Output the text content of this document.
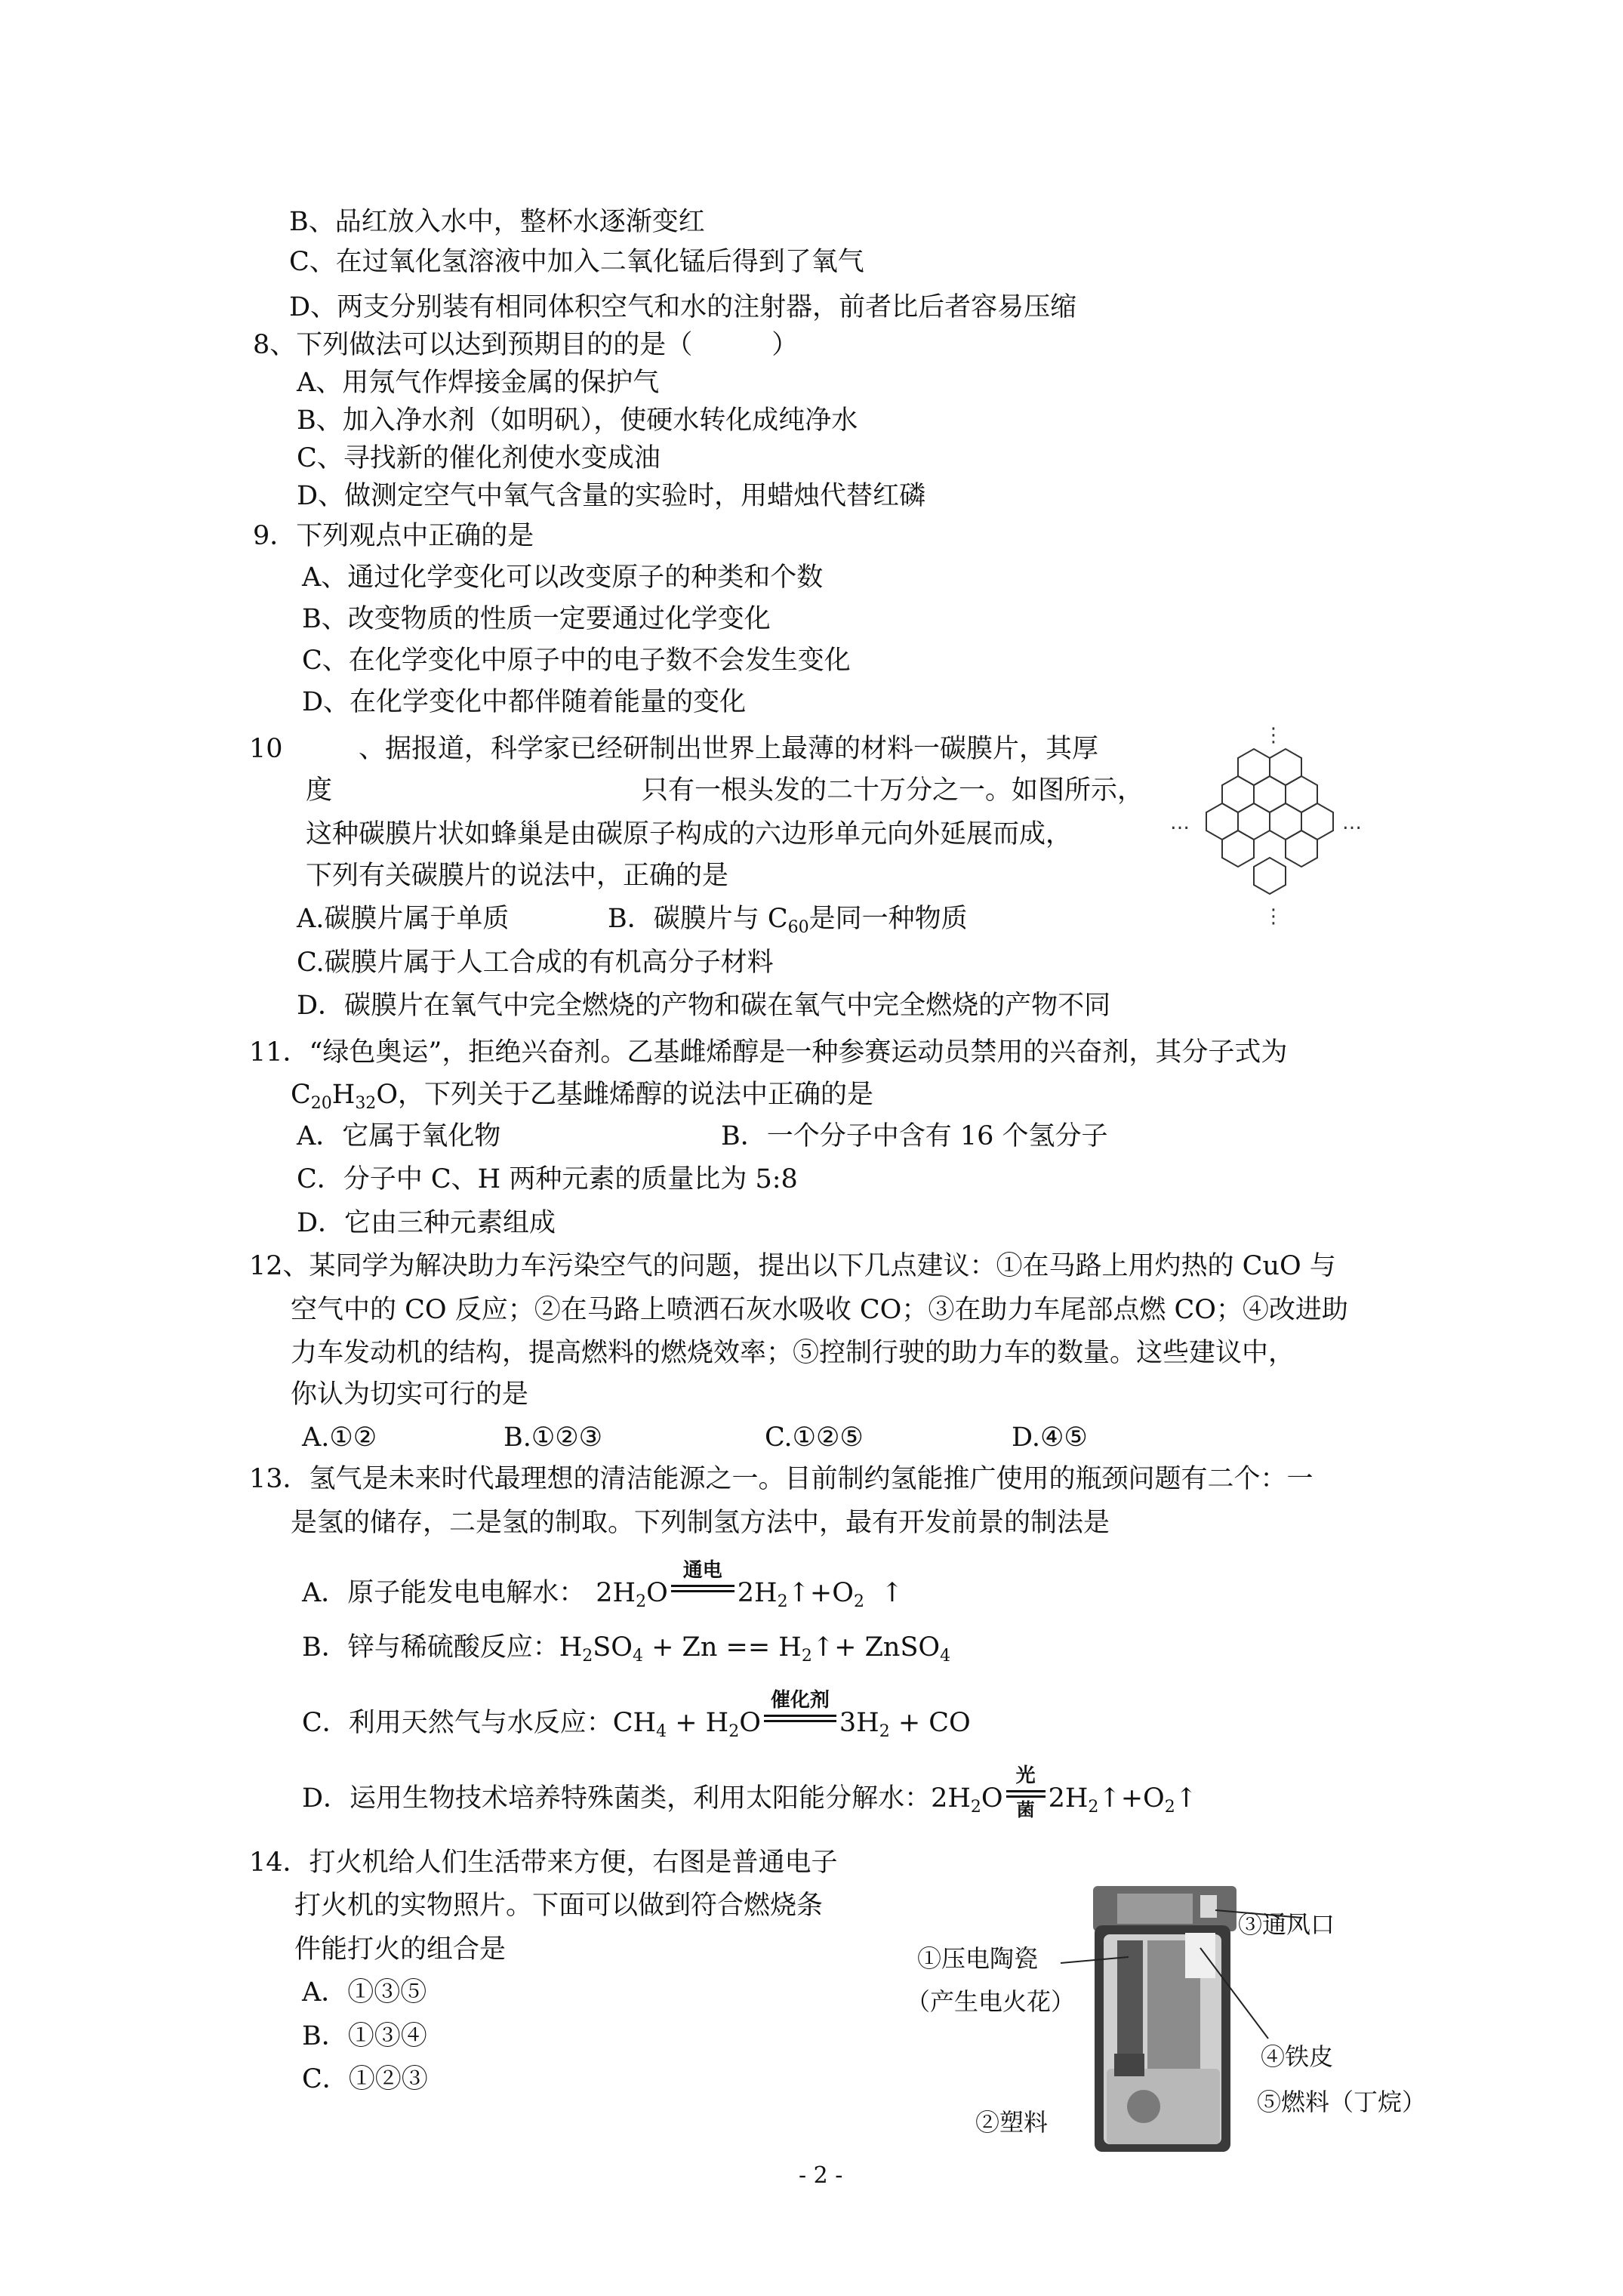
B、品红放入水中，整杯水逐渐变红
C、在过氧化氢溶液中加入二氧化锰后得到了氧气
D、两支分别装有相同体积空气和水的注射器，前者比后者容易压缩
8、下列做法可以达到预期目的的是（　　　）
A、用氖气作焊接金属的保护气
B、加入净水剂（如明矾），使硬水转化成纯净水
C、寻找新的催化剂使水变成油
D、做测定空气中氧气含量的实验时，用蜡烛代替红磷
9．下列观点中正确的是
A、通过化学变化可以改变原子的种类和个数
B、改变物质的性质一定要通过化学变化
C、在化学变化中原子中的电子数不会发生变化
D、在化学变化中都伴随着能量的变化
10	、据报道，科学家已经研制出世界上最薄的材料一碳膜片，其厚
度	只有一根头发的二十万分之一。如图所示，
这种碳膜片状如蜂巢是由碳原子构成的六边形单元向外延展而成，
下列有关碳膜片的说法中，正确的是
A.碳膜片属于单质	B．碳膜片与 $C_{60}$是同一种物质
C.碳膜片属于人工合成的有机高分子材料
D．碳膜片在氧气中完全燃烧的产物和碳在氧气中完全燃烧的产物不同
⋮
⋮
…	…
11．“绿色奥运”，拒绝兴奋剂。乙基雌烯醇是一种参赛运动员禁用的兴奋剂，其分子式为
$C_{20}H_{32}O$，下列关于乙基雌烯醇的说法中正确的是
A．它属于氧化物	B．一个分子中含有 16 个氢分子
C．分子中 C、H 两种元素的质量比为 5:8
D．它由三种元素组成
12、某同学为解决助力车污染空气的问题，提出以下几点建议：①在马路上用灼热的 CuO 与
空气中的 CO 反应；②在马路上喷洒石灰水吸收 CO；③在助力车尾部点燃 CO；④改进助
力车发动机的结构，提高燃料的燃烧效率；⑤控制行驶的助力车的数量。这些建议中，
你认为切实可行的是
A.①②	B.①②③	C.①②⑤	D.④⑤
13．氢气是未来时代最理想的清洁能源之一。目前制约氢能推广使用的瓶颈问题有二个：一
是氢的储存，二是氢的制取。下列制氢方法中，最有开发前景的制法是
A．原子能发电电解水： $2H_2O$
通电
$2H_2↑+O_2$  ↑
B．锌与稀硫酸反应：$H_2SO_4 + Zn$ == $H_2↑+$ ZnSO$_4$
C．利用天然气与水反应：$CH_4 + H_2O$
催化剂
$3H_2$ + CO
D．运用生物技术培养特殊菌类，利用太阳能分解水：$2H_2O$
光
菌 $2H_2↑+O_2↑$
14．打火机给人们生活带来方便，右图是普通电子
打火机的实物照片。下面可以做到符合燃烧条
件能打火的组合是
A．①③⑤
B．①③④
C．①②③
①压电陶瓷
（产生电火花）
②塑料
③通风口
④铁皮
⑤燃料（丁烷）
- 2 -
